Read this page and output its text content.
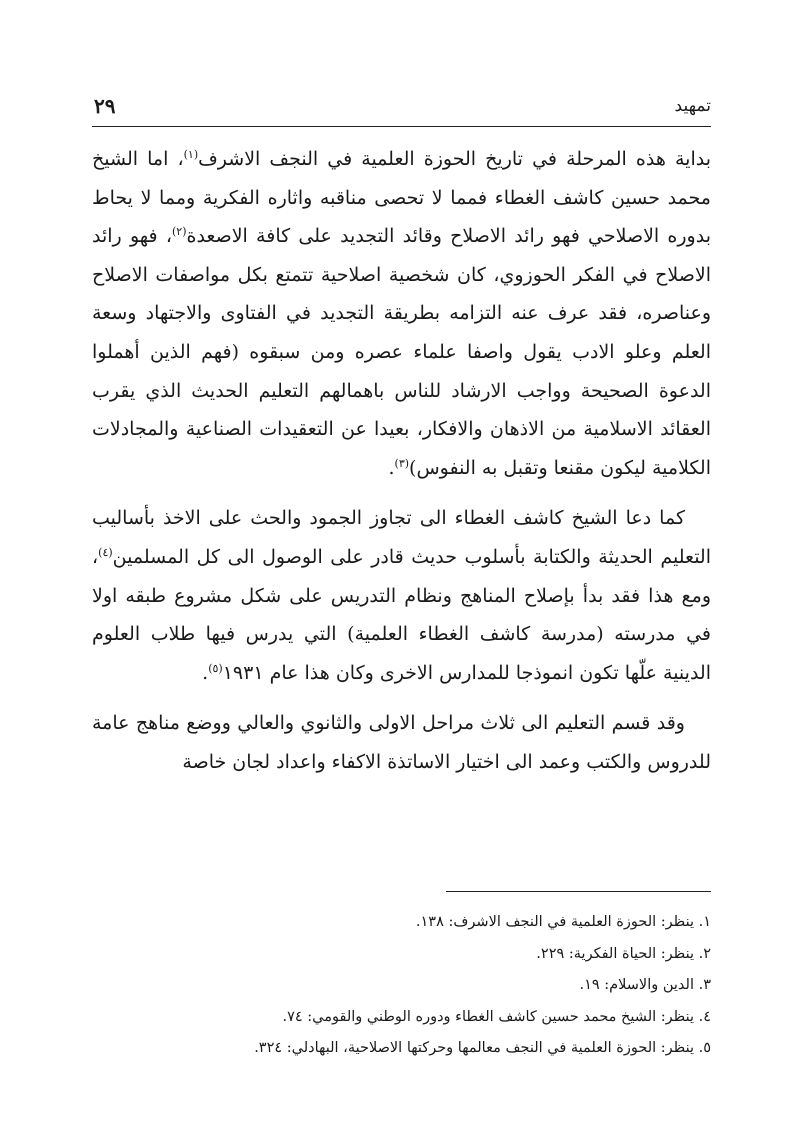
تمهيد
٢٩

بداية هذه المرحلة في تاريخ الحوزة العلمية في النجف الاشرف$^{(١)}$، اما الشيخ محمد حسين كاشف الغطاء فمما لا تحصى مناقبه واثاره الفكرية ومما لا يحاط بدوره الاصلاحي فهو رائد الاصلاح وقائد التجديد على كافة الاصعدة$^{(٢)}$، فهو رائد الاصلاح في الفكر الحوزوي، كان شخصية اصلاحية تتمتع بكل مواصفات الاصلاح وعناصره، فقد عرف عنه التزامه بطريقة التجديد في الفتاوى والاجتهاد وسعة العلم وعلو الادب يقول واصفا علماء عصره ومن سبقوه (فهم الذين أهملوا الدعوة الصحيحة وواجب الارشاد للناس باهمالهم التعليم الحديث الذي يقرب العقائد الاسلامية من الاذهان والافكار، بعيدا عن التعقيدات الصناعية والمجادلات الكلامية ليكون مقنعا وتقبل به النفوس)$^{(٣)}$.

كما دعا الشيخ كاشف الغطاء الى تجاوز الجمود والحث على الاخذ بأساليب التعليم الحديثة والكتابة بأسلوب حديث قادر على الوصول الى كل المسلمين$^{(٤)}$، ومع هذا فقد بدأ بإصلاح المناهج ونظام التدريس على شكل مشروع طبقه اولا في مدرسته (مدرسة كاشف الغطاء العلمية) التي يدرس فيها طلاب العلوم الدينية علّها تكون انموذجا للمدارس الاخرى وكان هذا عام ١٩٣١$^{(٥)}$.

وقد قسم التعليم الى ثلاث مراحل الاولى والثانوي والعالي ووضع مناهج عامة للدروس والكتب وعمد الى اختيار الاساتذة الاكفاء واعداد لجان خاصة

١. ينظر: الحوزة العلمية في النجف الاشرف: ١٣٨.

٢. ينظر: الحياة الفكرية: ٢٢٩.

٣. الدين والاسلام: ١٩.

٤. ينظر: الشيخ محمد حسين كاشف الغطاء ودوره الوطني والقومي: ٧٤.

٥. ينظر: الحوزة العلمية في النجف معالمها وحركتها الاصلاحية، البهادلي: ٣٢٤.
